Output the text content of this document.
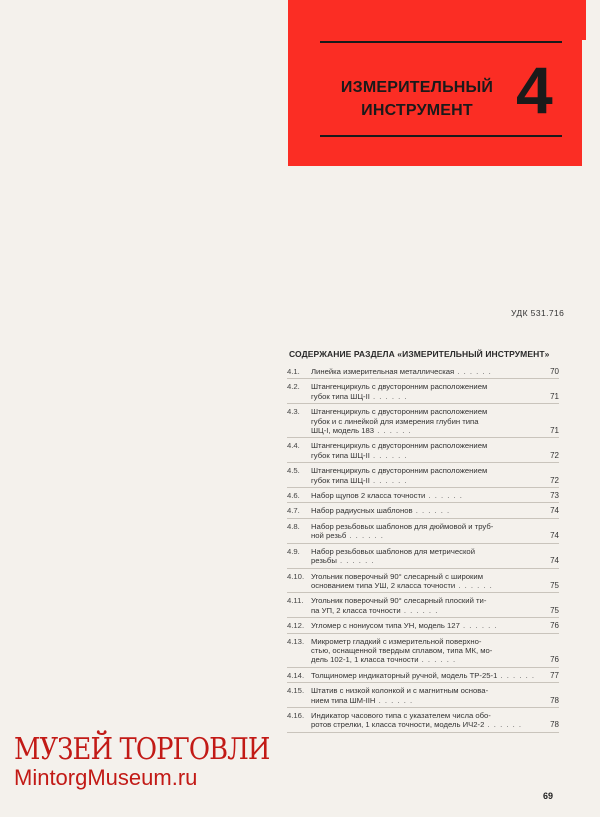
ИЗМЕРИТЕЛЬНЫЙ
ИНСТРУМЕНТ 4
УДК 531.716
СОДЕРЖАНИЕ РАЗДЕЛА «ИЗМЕРИТЕЛЬНЫЙ ИНСТРУМЕНТ»
4.1.	Линейка измерительная металлическая . . .	70
4.2.	Штангенциркуль с двусторонним расположением
губок типа ШЦ-II . . .	71
4.3.	Штангенциркуль с двусторонним расположением
губок и с линейкой для измерения глубин типа
ШЦ-I, модель 183 . . .	71
4.4.	Штангенциркуль с двусторонним расположением
губок типа ШЦ-II . . .	72
4.5.	Штангенциркуль с двусторонним расположением
губок типа ШЦ-II . . .	72
4.6.	Набор щупов 2 класса точности . . .	73
4.7.	Набор радиусных шаблонов . . .	74
4.8.	Набор резьбовых шаблонов для дюймовой и труб-
ной резьб . . .	74
4.9.	Набор резьбовых шаблонов для метрической
резьбы . . .	74
4.10. Угольник поверочный 90° слесарный с широким
основанием типа УШ, 2 класса точности . . .	75
4.11. Угольник поверочный 90° слесарный плоский ти-
па УП, 2 класса точности . . .	75
4.12. Угломер с нониусом типа УН, модель 127 . . .	76
4.13. Микрометр гладкий с измерительной поверхно-
стью, оснащенной твердым сплавом, типа МК, мо-
дель 102-1, 1 класса точности . . .	76
4.14. Толщиномер индикаторный ручной, модель ТР-25-1 . . .	77
4.15. Штатив с низкой колонкой и с магнитным основа-
нием типа ШМ-IIН . . .	78
4.16. Индикатор часового типа с указателем числа обо-
ротов стрелки, 1 класса точности, модель ИЧ2-2 . . .	78
МУЗЕЙ ТОРГОВЛИ
MintorgMuseum.ru
69
